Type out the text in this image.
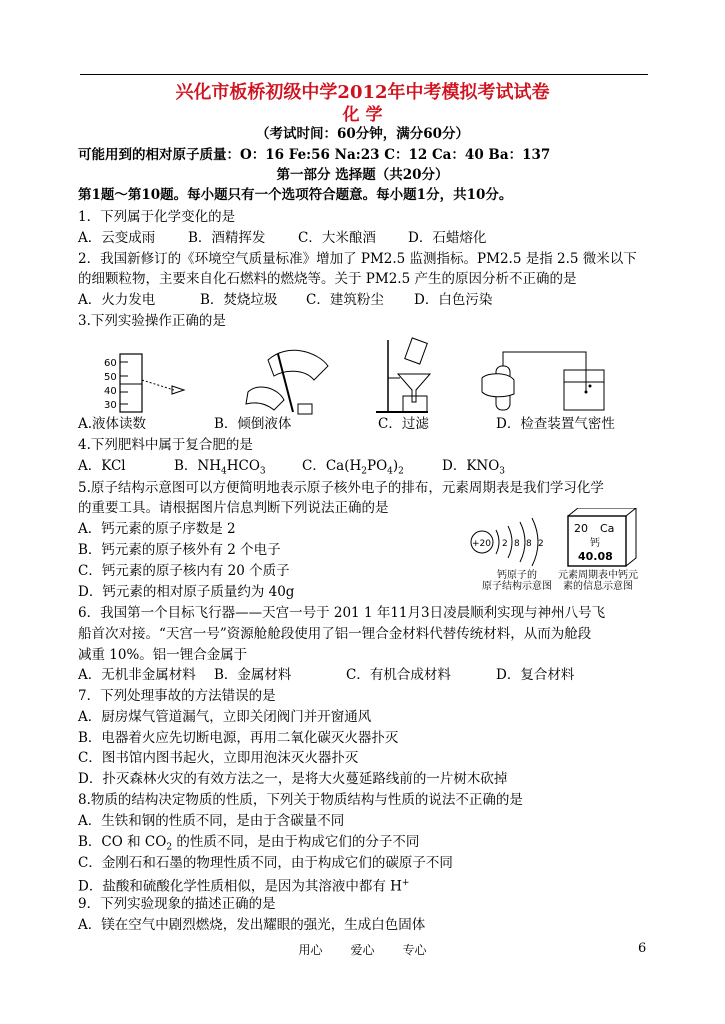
兴化市板桥初级中学2012年中考模拟考试试卷
化 学
（考试时间：60分钟，满分60分）
可能用到的相对原子质量：O：16 Fe:56 Na:23 C：12 Ca：40 Ba：137
第一部分 选择题（共20分）
第1题～第10题。每小题只有一个选项符合题意。每小题1分，共10分。
1．下列属于化学变化的是
A．云变成雨 B．酒精挥发 C．大米酿酒 D．石蜡熔化
2．我国新修订的《环境空气质量标准》增加了 PM2.5 监测指标。PM2.5 是指 2.5 微米以下
的细颗粒物，主要来自化石燃料的燃烧等。关于 PM2.5 产生的原因分析不正确的是
A．火力发电	B．焚烧垃圾 C．建筑粉尘 D．白色污染
3.下列实验操作正确的是
60
50
40
30
A.液体读数	B．倾倒液体	C．过滤	D．检查装置气密性
4.下列肥料中属于复合肥的是
A．KCl	B．$NH_4HCO_3$	C．$Ca(H_2PO_4)_2$	D．$KNO_3$
5.原子结构示意图可以方便简明地表示原子核外电子的排布，元素周期表是我们学习化学
的重要工具。请根据图片信息判断下列说法正确的是
A．钙元素的原子序数是 2
B．钙元素的原子核外有 2 个电子
C．钙元素的原子核内有 20 个质子
D．钙元素的相对原子质量约为 40g
+20 2 8 8 2
20 Ca
钙
40.08
钙原子的
原子结构示意图
元素周期表中钙元
素的信息示意图
6．我国第一个目标飞行器——天宫一号于 201 1 年11月3日凌晨顺利实现与神州八号飞
船首次对接。“天宫一号”资源舱舱段使用了铝一锂合金材料代替传统材料，从而为舱段
减重 10%。铝一锂合金属于
A．无机非金属材料 B．金属材料	C．有机合成材料	D．复合材料
7．下列处理事故的方法错误的是
A．厨房煤气管道漏气，立即关闭阀门并开窗通风
B．电器着火应先切断电源，再用二氧化碳灭火器扑灭
C．图书馆内图书起火，立即用泡沫灭火器扑灭
D．扑灭森林火灾的有效方法之一，是将大火蔓延路线前的一片树木砍掉
8.物质的结构决定物质的性质，下列关于物质结构与性质的说法不正确的是
A．生铁和钢的性质不同，是由于含碳量不同
B．CO 和 $CO_2$ 的性质不同，是由于构成它们的分子不同
C．金刚石和石墨的物理性质不同，由于构成它们的碳原子不同
D．盐酸和硫酸化学性质相似，是因为其溶液中都有 H+
9．下列实验现象的描述正确的是
A．镁在空气中剧烈燃烧，发出耀眼的强光，生成白色固体
用心 爱心 专心	6
